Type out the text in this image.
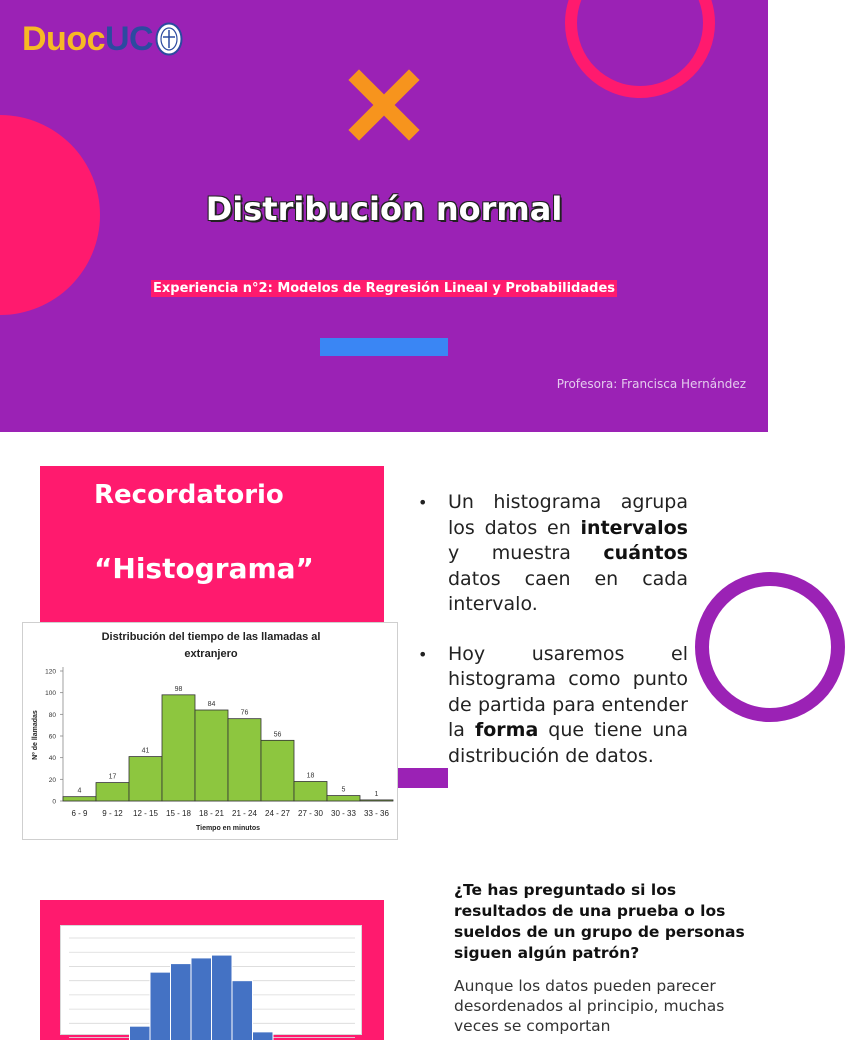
Duoc UC
Distribución normal
Experiencia n°2: Modelos de Regresión Lineal y Probabilidades
Profesora: Francisca Hernández
Recordatorio
“Histograma”
Distribución del tiempo de las llamadas al
extranjero
Nº de llamadas
Tiempo en minutos
0
20
40
60
80
100
120
4
6 - 9
17
9 - 12
41
12 - 15
98
15 - 18
84
18 - 21
76
21 - 24
56
24 - 27
18
27 - 30
5
30 - 33
1
33 - 36
•	Un histograma agrupa los datos en intervalos y muestra cuántos datos caen en cada intervalo.
•	Hoy usaremos el histograma como punto de partida para entender la forma que tiene una distribución de datos.
¿Te has preguntado si los resultados de una prueba o los sueldos de un grupo de personas siguen algún patrón?
Aunque los datos pueden parecer desordenados al principio, muchas veces se comportan
